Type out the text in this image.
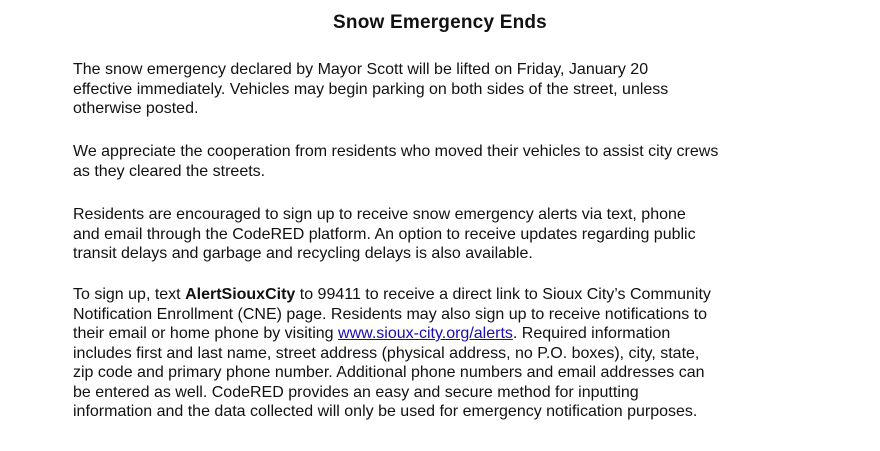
Snow Emergency Ends

The snow emergency declared by Mayor Scott will be lifted on Friday, January 20
effective immediately. Vehicles may begin parking on both sides of the street, unless
otherwise posted.

We appreciate the cooperation from residents who moved their vehicles to assist city crews
as they cleared the streets.

Residents are encouraged to sign up to receive snow emergency alerts via text, phone
and email through the CodeRED platform. An option to receive updates regarding public
transit delays and garbage and recycling delays is also available.

To sign up, text AlertSiouxCity to 99411 to receive a direct link to Sioux City’s Community
Notification Enrollment (CNE) page. Residents may also sign up to receive notifications to
their email or home phone by visiting www.sioux-city.org/alerts. Required information
includes first and last name, street address (physical address, no P.O. boxes), city, state,
zip code and primary phone number. Additional phone numbers and email addresses can
be entered as well. CodeRED provides an easy and secure method for inputting
information and the data collected will only be used for emergency notification purposes.
